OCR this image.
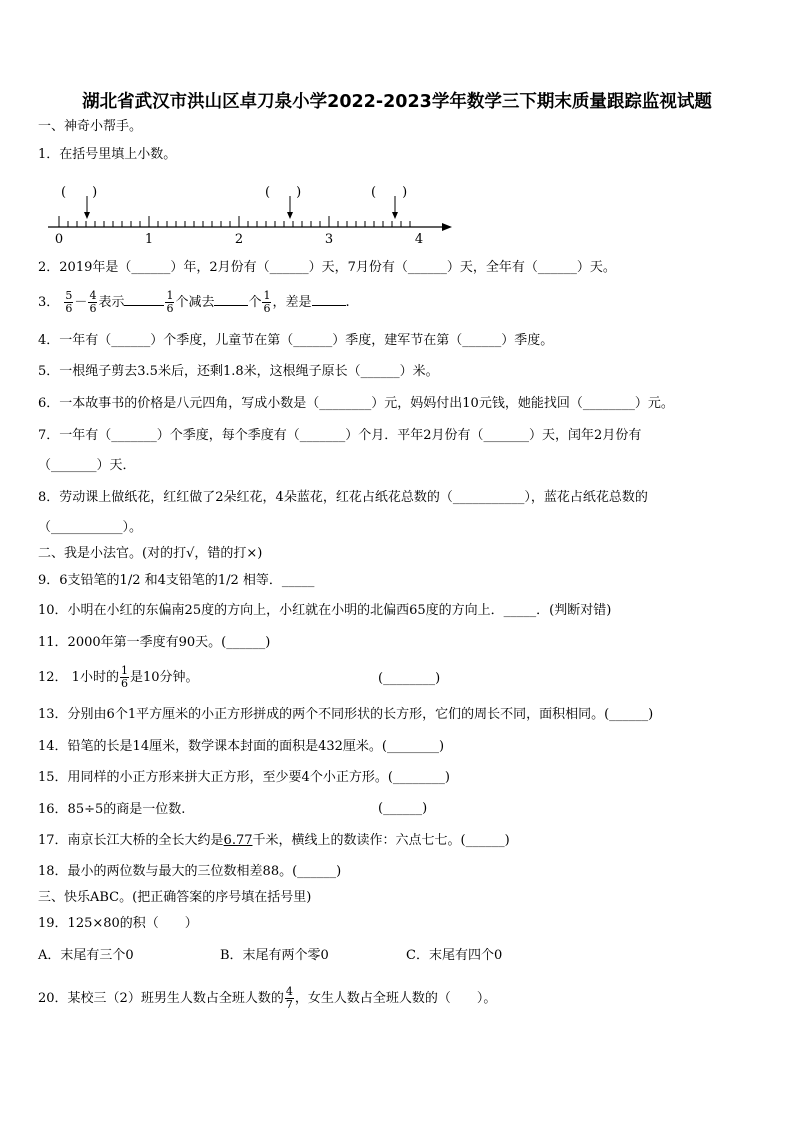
湖北省武汉市洪山区卓刀泉小学2022-2023学年数学三下期末质量跟踪监视试题
一、神奇小帮手。
1．在括号里填上小数。
(　　)	(　　)	(　　)
0	1	2	3	4
2．2019年是（______）年，2月份有（______）天，7月份有（______）天，全年有（______）天。
3． $\frac{5}{6} - \frac{4}{6}$ 表示	$\frac{1}{6}$ 个减去	个 $\frac{1}{6}$ ，差是	.
4．一年有（______）个季度，儿童节在第（______）季度，建军节在第（______）季度。
5．一根绳子剪去3.5米后，还剩1.8米，这根绳子原长（______）米。
6．一本故事书的价格是八元四角，写成小数是（________）元，妈妈付出10元钱，她能找回（________）元。
7．一年有（_______）个季度，每个季度有（_______）个月．平年2月份有（_______）天，闰年2月份有
（_______）天．
8．劳动课上做纸花，红红做了2朵红花，4朵蓝花，红花占纸花总数的（___________），蓝花占纸花总数的
（___________）。
二、我是小法官。(对的打√，错的打×)
9．6支铅笔的1/2 和4支铅笔的1/2 相等．_____
10．小明在小红的东偏南25度的方向上，小红就在小明的北偏西65度的方向上．_____．(判断对错)
11．2000年第一季度有90天。(______)
12． 1小时的 $\frac{1}{6}$ 是10分钟。	(________)
13．分别由6个1平方厘米的小正方形拼成的两个不同形状的长方形，它们的周长不同，面积相同。(______)
14．铅笔的长是14厘米，数学课本封面的面积是432厘米。(________)
15．用同样的小正方形来拼大正方形，至少要4个小正方形。(________)
16．85÷5的商是一位数.	(______)
17．南京长江大桥的全长大约是6.77千米，横线上的数读作：六点七七。(______)
18．最小的两位数与最大的三位数相差88。(______)
三、快乐ABC。(把正确答案的序号填在括号里)
19．125×80的积（　　）
A．末尾有三个0	B．末尾有两个零0	C．末尾有四个0
20．某校三（2）班男生人数占全班人数的 $\frac{4}{7}$ ，女生人数占全班人数的（　　）。
